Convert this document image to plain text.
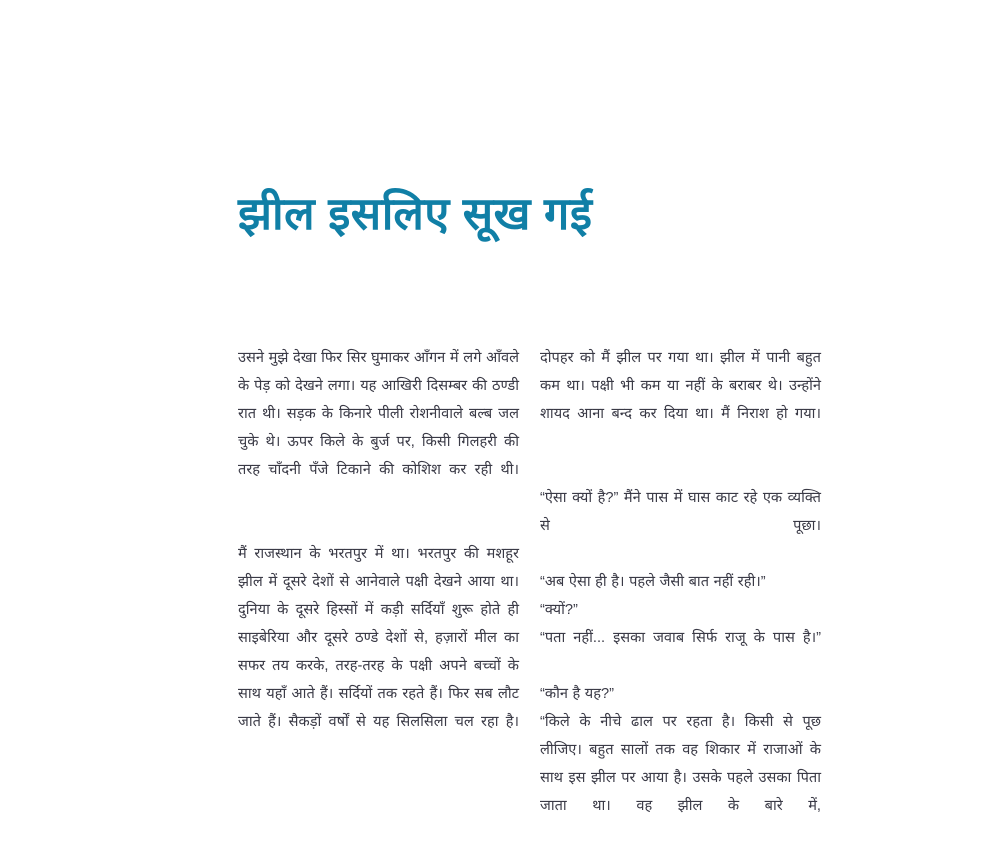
झील इसलिए सूख गई

उसने मुझे देखा फिर सिर घुमाकर आँगन में लगे आँवले के पेड़ को देखने लगा। यह आखिरी दिसम्बर की ठण्डी रात थी। सड़क के किनारे पीली रोशनीवाले बल्ब जल चुके थे। ऊपर किले के बुर्ज पर, किसी गिलहरी की तरह चाँदनी पँजे टिकाने की कोशिश कर रही थी।

मैं राजस्थान के भरतपुर में था। भरतपुर की मशहूर झील में दूसरे देशों से आनेवाले पक्षी देखने आया था। दुनिया के दूसरे हिस्सों में कड़ी सर्दियाँ शुरू होते ही साइबेरिया और दूसरे ठण्डे देशों से, हज़ारों मील का सफर तय करके, तरह-तरह के पक्षी अपने बच्चों के साथ यहाँ आते हैं। सर्दियों तक रहते हैं। फिर सब लौट जाते हैं। सैकड़ों वर्षों से यह सिलसिला चल रहा है।

दोपहर को मैं झील पर गया था। झील में पानी बहुत कम था। पक्षी भी कम या नहीं के बराबर थे। उन्होंने शायद आना बन्द कर दिया था। मैं निराश हो गया।

“ऐसा क्यों है?” मैंने पास में घास काट रहे एक व्यक्ति से पूछा।

“अब ऐसा ही है। पहले जैसी बात नहीं रही।”

“क्यों?”

“पता नहीं... इसका जवाब सिर्फ राजू के पास है।”

“कौन है यह?”

“किले के नीचे ढाल पर रहता है। किसी से पूछ लीजिए। बहुत सालों तक वह शिकार में राजाओं के साथ इस झील पर आया है। उसके पहले उसका पिता जाता था। वह झील के बारे में,
